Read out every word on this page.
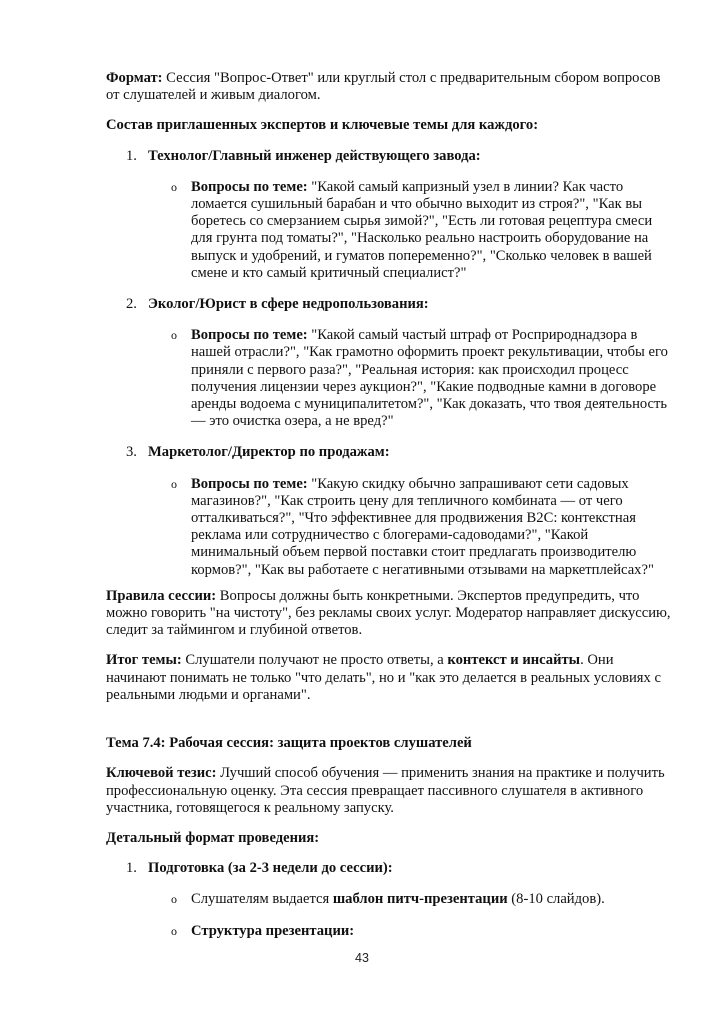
Формат: Сессия "Вопрос-Ответ" или круглый стол с предварительным сбором вопросов от слушателей и живым диалогом.

Состав приглашенных экспертов и ключевые темы для каждого:

1. Технолог/Главный инженер действующего завода:
o Вопросы по теме: "Какой самый капризный узел в линии? Как часто ломается сушильный барабан и что обычно выходит из строя?", "Как вы боретесь со смерзанием сырья зимой?", "Есть ли готовая рецептура смеси для грунта под томаты?", "Насколько реально настроить оборудование на выпуск и удобрений, и гуматов попеременно?", "Сколько человек в вашей смене и кто самый критичный специалист?"
2. Эколог/Юрист в сфере недропользования:
o Вопросы по теме: "Какой самый частый штраф от Росприроднадзора в нашей отрасли?", "Как грамотно оформить проект рекультивации, чтобы его приняли с первого раза?", "Реальная история: как происходил процесс получения лицензии через аукцион?", "Какие подводные камни в договоре аренды водоема с муниципалитетом?", "Как доказать, что твоя деятельность — это очистка озера, а не вред?"
3. Маркетолог/Директор по продажам:
o Вопросы по теме: "Какую скидку обычно запрашивают сети садовых магазинов?", "Как строить цену для тепличного комбината — от чего отталкиваться?", "Что эффективнее для продвижения B2C: контекстная реклама или сотрудничество с блогерами-садоводами?", "Какой минимальный объем первой поставки стоит предлагать производителю кормов?", "Как вы работаете с негативными отзывами на маркетплейсах?"

Правила сессии: Вопросы должны быть конкретными. Экспертов предупредить, что можно говорить "на чистоту", без рекламы своих услуг. Модератор направляет дискуссию, следит за таймингом и глубиной ответов.

Итог темы: Слушатели получают не просто ответы, а контекст и инсайты. Они начинают понимать не только "что делать", но и "как это делается в реальных условиях с реальными людьми и органами".

Тема 7.4: Рабочая сессия: защита проектов слушателей

Ключевой тезис: Лучший способ обучения — применить знания на практике и получить профессиональную оценку. Эта сессия превращает пассивного слушателя в активного участника, готовящегося к реальному запуску.

Детальный формат проведения:

1. Подготовка (за 2-3 недели до сессии):
o Слушателям выдается шаблон питч-презентации (8-10 слайдов).
o Структура презентации:
43
